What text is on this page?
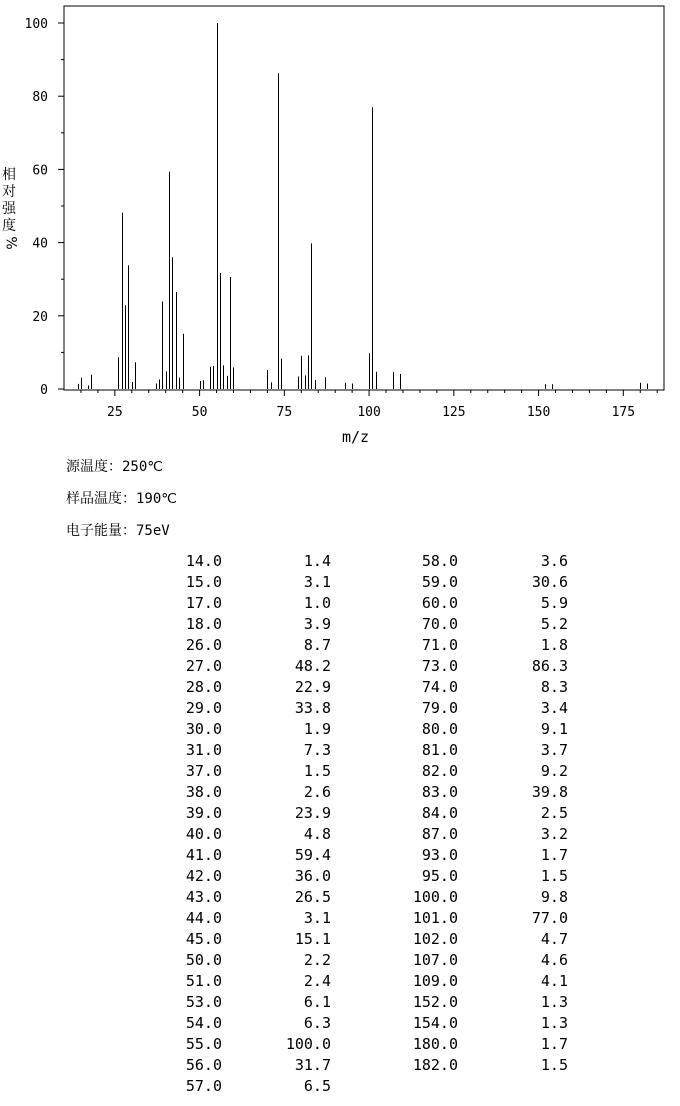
25	50	75	100	125	150	175
0
20
40
60
80
100
相
对
强
度
%
m/z
源温度：250℃
样品温度：190℃
电子能量：75eV
14.0	1.4
15.0	3.1
17.0	1.0
18.0	3.9
26.0	8.7
27.0	48.2
28.0	22.9
29.0	33.8
30.0	1.9
31.0	7.3
37.0	1.5
38.0	2.6
39.0	23.9
40.0	4.8
41.0	59.4
42.0	36.0
43.0	26.5
44.0	3.1
45.0	15.1
50.0	2.2
51.0	2.4
53.0	6.1
54.0	6.3
55.0	100.0
56.0	31.7
57.0	6.5
58.0	3.6
59.0	30.6
60.0	5.9
70.0	5.2
71.0	1.8
73.0	86.3
74.0	8.3
79.0	3.4
80.0	9.1
81.0	3.7
82.0	9.2
83.0	39.8
84.0	2.5
87.0	3.2
93.0	1.7
95.0	1.5
100.0	9.8
101.0	77.0
102.0	4.7
107.0	4.6
109.0	4.1
152.0	1.3
154.0	1.3
180.0	1.7
182.0	1.5
